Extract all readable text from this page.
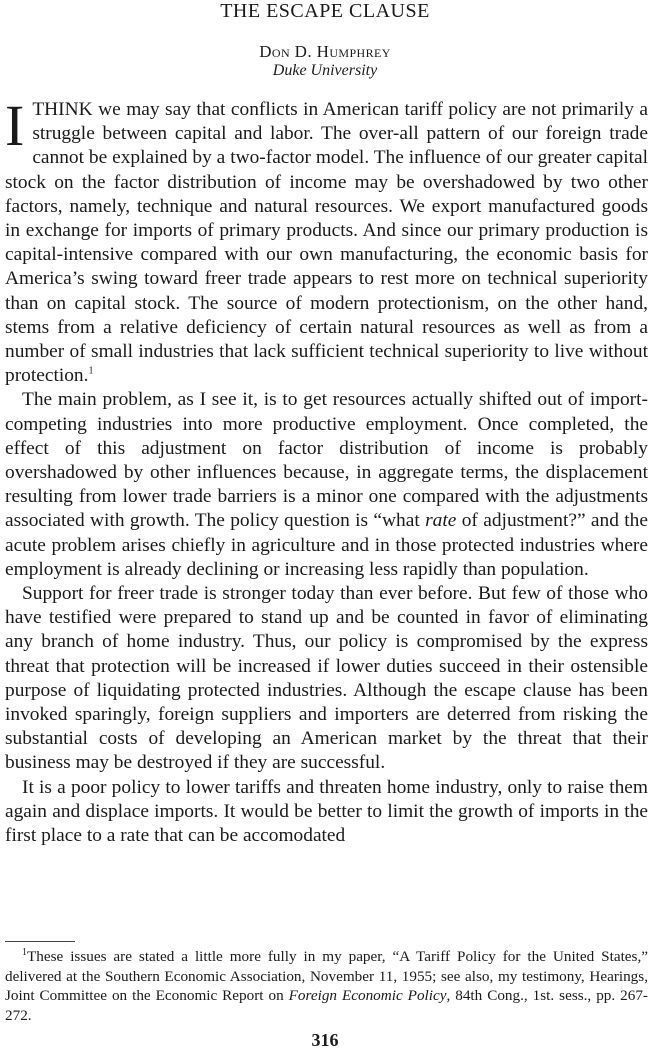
THE ESCAPE CLAUSE
Don D. Humphrey
Duke University

ITHINK we may say that conflicts in American tariff policy are not primarily a struggle between capital and labor. The over-all pattern of our foreign trade cannot be explained by a two-factor model. The influence of our greater capital stock on the factor distribution of income may be overshadowed by two other factors, namely, technique and natural resources. We export manufactured goods in exchange for imports of primary products. And since our primary production is capital-intensive compared with our own manufacturing, the economic basis for America’s swing toward freer trade appears to rest more on technical superiority than on capital stock. The source of modern protectionism, on the other hand, stems from a relative deficiency of certain natural resources as well as from a number of small industries that lack sufficient technical superiority to live without protection.$^1$

The main problem, as I see it, is to get resources actually shifted out of import-competing industries into more productive employment. Once completed, the effect of this adjustment on factor distribution of income is probably overshadowed by other influences because, in aggregate terms, the displacement resulting from lower trade barriers is a minor one compared with the adjustments associated with growth. The policy question is “what rate of adjustment?” and the acute problem arises chiefly in agriculture and in those protected industries where employment is already declining or increasing less rapidly than population.

Support for freer trade is stronger today than ever before. But few of those who have testified were prepared to stand up and be counted in favor of eliminating any branch of home industry. Thus, our policy is compromised by the express threat that protection will be increased if lower duties succeed in their ostensible purpose of liquidating protected industries. Although the escape clause has been invoked sparingly, foreign suppliers and importers are deterred from risking the substantial costs of developing an American market by the threat that their business may be destroyed if they are successful.

It is a poor policy to lower tariffs and threaten home industry, only to raise them again and displace imports. It would be better to limit the growth of imports in the first place to a rate that can be accomodated

$^1$These issues are stated a little more fully in my paper, “A Tariff Policy for the United States,” delivered at the Southern Economic Association, November 11, 1955; see also, my testimony, Hearings, Joint Committee on the Economic Report on Foreign Economic Policy, 84th Cong., 1st. sess., pp. 267-272.
316
